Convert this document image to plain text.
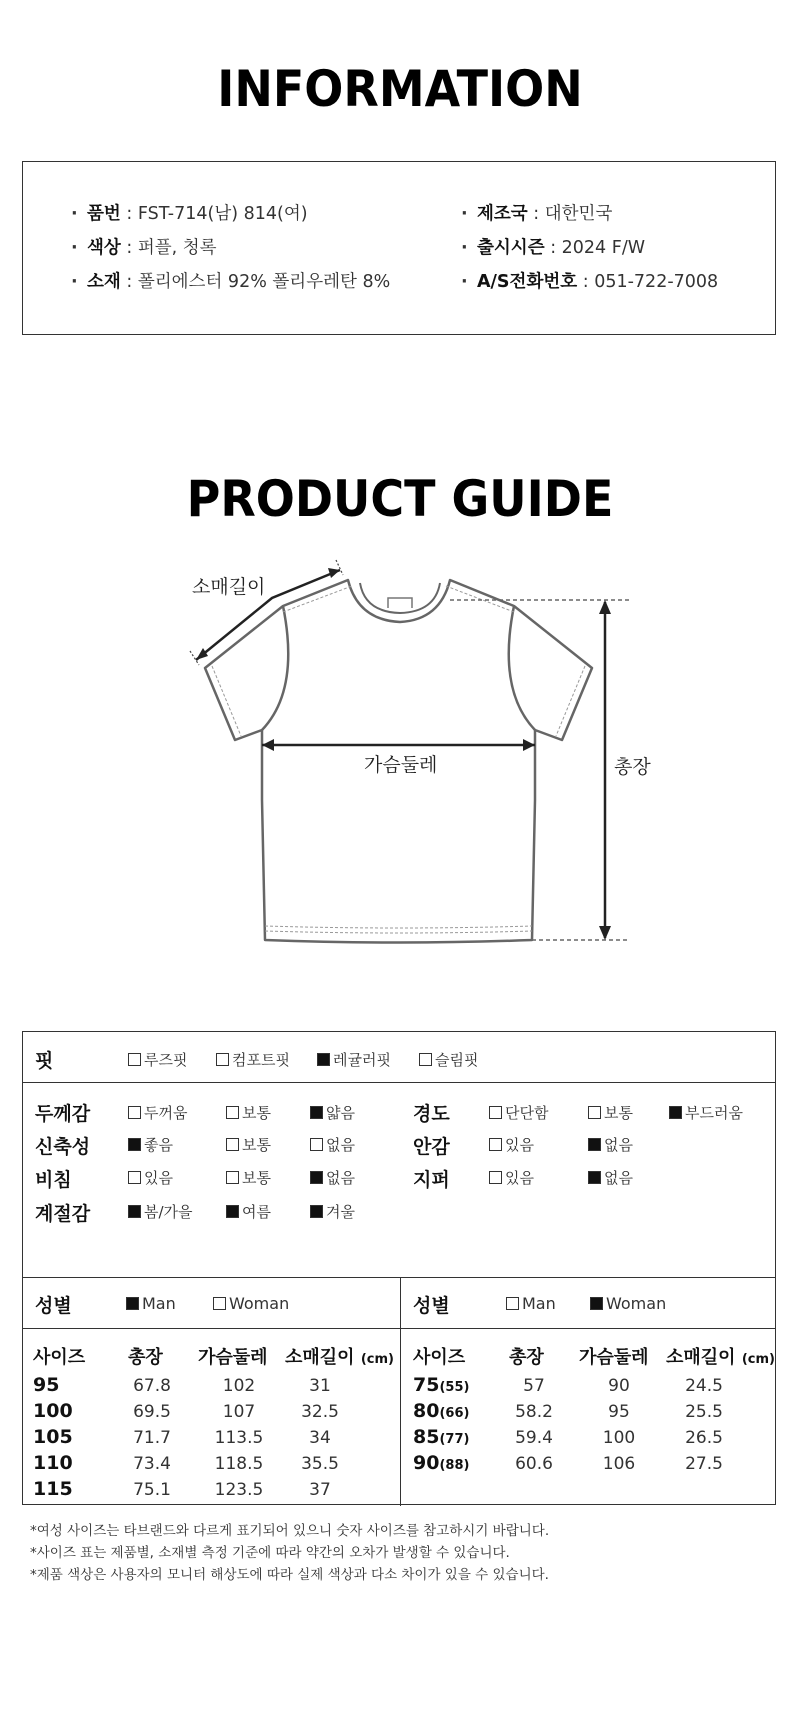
INFORMATION
· 품번 : FST-714(남) 814(여)
· 색상 : 퍼플, 청록
· 소재 : 폴리에스터 92% 폴리우레탄 8%
· 제조국 : 대한민국
· 출시시즌 : 2024 F/W
· A/S전화번호 : 051-722-7008
PRODUCT GUIDE
소매길이
가슴둘레	총장
핏	루즈핏	컴포트핏	레귤러핏	슬림핏
두께감	두꺼움	보통	얇음
신축성	좋음	보통	없음
비침	있음	보통	없음
계절감	봄/가을	여름	겨울
경도	단단함	보통	부드러움
안감	있음	없음
지퍼	있음	없음
성별	Man	Woman	성별	Man	Woman
사이즈 총장 가슴둘레 소매길이 (cm) 사이즈 총장 가슴둘레 소매길이 (cm)
95	67.8	102	31
100	69.5	107	32.5
105	71.7	113.5	34
110	73.4	118.5	35.5
115	75.1	123.5	37
75(55)	57	90	24.5
80(66)	58.2	95	25.5
85(77)	59.4	100	26.5
90(88)	60.6	106	27.5
*여성 사이즈는 타브랜드와 다르게 표기되어 있으니 숫자 사이즈를 참고하시기 바랍니다.
*사이즈 표는 제품별, 소재별 측정 기준에 따라 약간의 오차가 발생할 수 있습니다.
*제품 색상은 사용자의 모니터 해상도에 따라 실제 색상과 다소 차이가 있을 수 있습니다.
